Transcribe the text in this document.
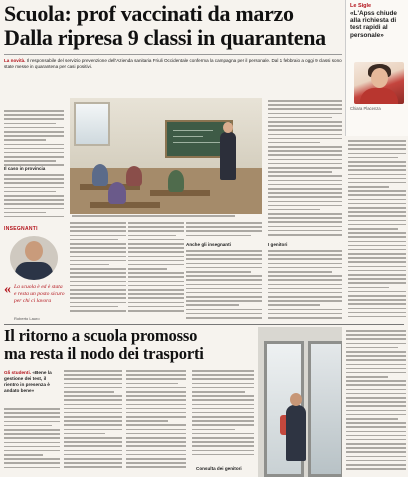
Scuola: prof vaccinati da marzo
Dalla ripresa 9 classi in quarantena

La novità. Il responsabile del servizio prevenzione dell'Azienda sanitaria Friuli Occidentale conferma la campagna per il personale. Dal 1 febbraio a oggi 9 classi sono state messe in quarantena per casi positivi.

Le Sigle
«L'Apss chiude alla richiesta di test rapidi al personale»
Chiara Placenza
Il caso in provincia
I genitori
Anche gli insegnanti
INSEGNANTI
« La scuola è ed è stata e resta un posto sicuro per chi ci lavora
Roberto Lauro
Il ritorno a scuola promosso
ma resta il nodo dei trasporti

Gli studenti. «Bene la gestione dei test, il rientro in presenza è andato bene»

Consulta dei genitori
